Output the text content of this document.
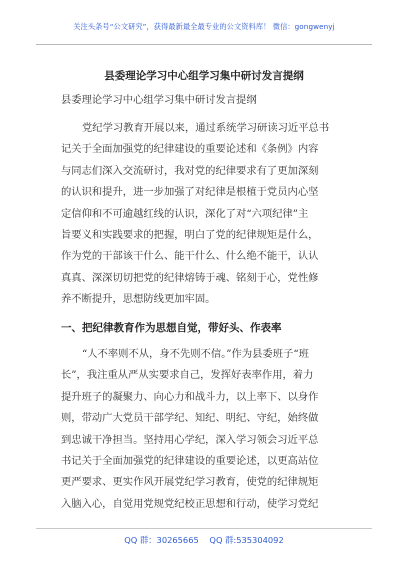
关注头条号“公文研究”，获得最新最全最专业的公文资料库！ 微信：gongwenyj
县委理论学习中心组学习集中研讨发言提纲
县委理论学习中心组学习集中研讨发言提纲
党纪学习教育开展以来，通过系统学习研读习近平总书
记关于全面加强党的纪律建设的重要论述和《条例》内容
与同志们深入交流研讨，我对党的纪律要求有了更加深刻
的认识和提升，进一步加强了对纪律是根植于党员内心坚
定信仰和不可逾越红线的认识，深化了对“六项纪律”主
旨要义和实践要求的把握，明白了党的纪律规矩是什么，
作为党的干部该干什么、能干什么、什么绝不能干，认认
真真、深深切切把党的纪律熔铸于魂、铭刻于心，党性修
养不断提升，思想防线更加牢固。
一、把纪律教育作为思想自觉，带好头、作表率
“人不率则不从，身不先则不信。”作为县委班子“班
长”，我注重从严从实要求自己，发挥好表率作用，着力
提升班子的凝聚力、向心力和战斗力，以上率下、以身作
则，带动广大党员干部学纪、知纪、明纪、守纪，始终做
到忠诚干净担当。坚持用心学纪，深入学习领会习近平总
书记关于全面加强党的纪律建设的重要论述，以更高站位
更严要求、更实作风开展党纪学习教育，使党的纪律规矩
入脑入心，自觉用党规党纪校正思想和行动，使学习党纪
QQ 群：30265665 QQ 群:535304092
